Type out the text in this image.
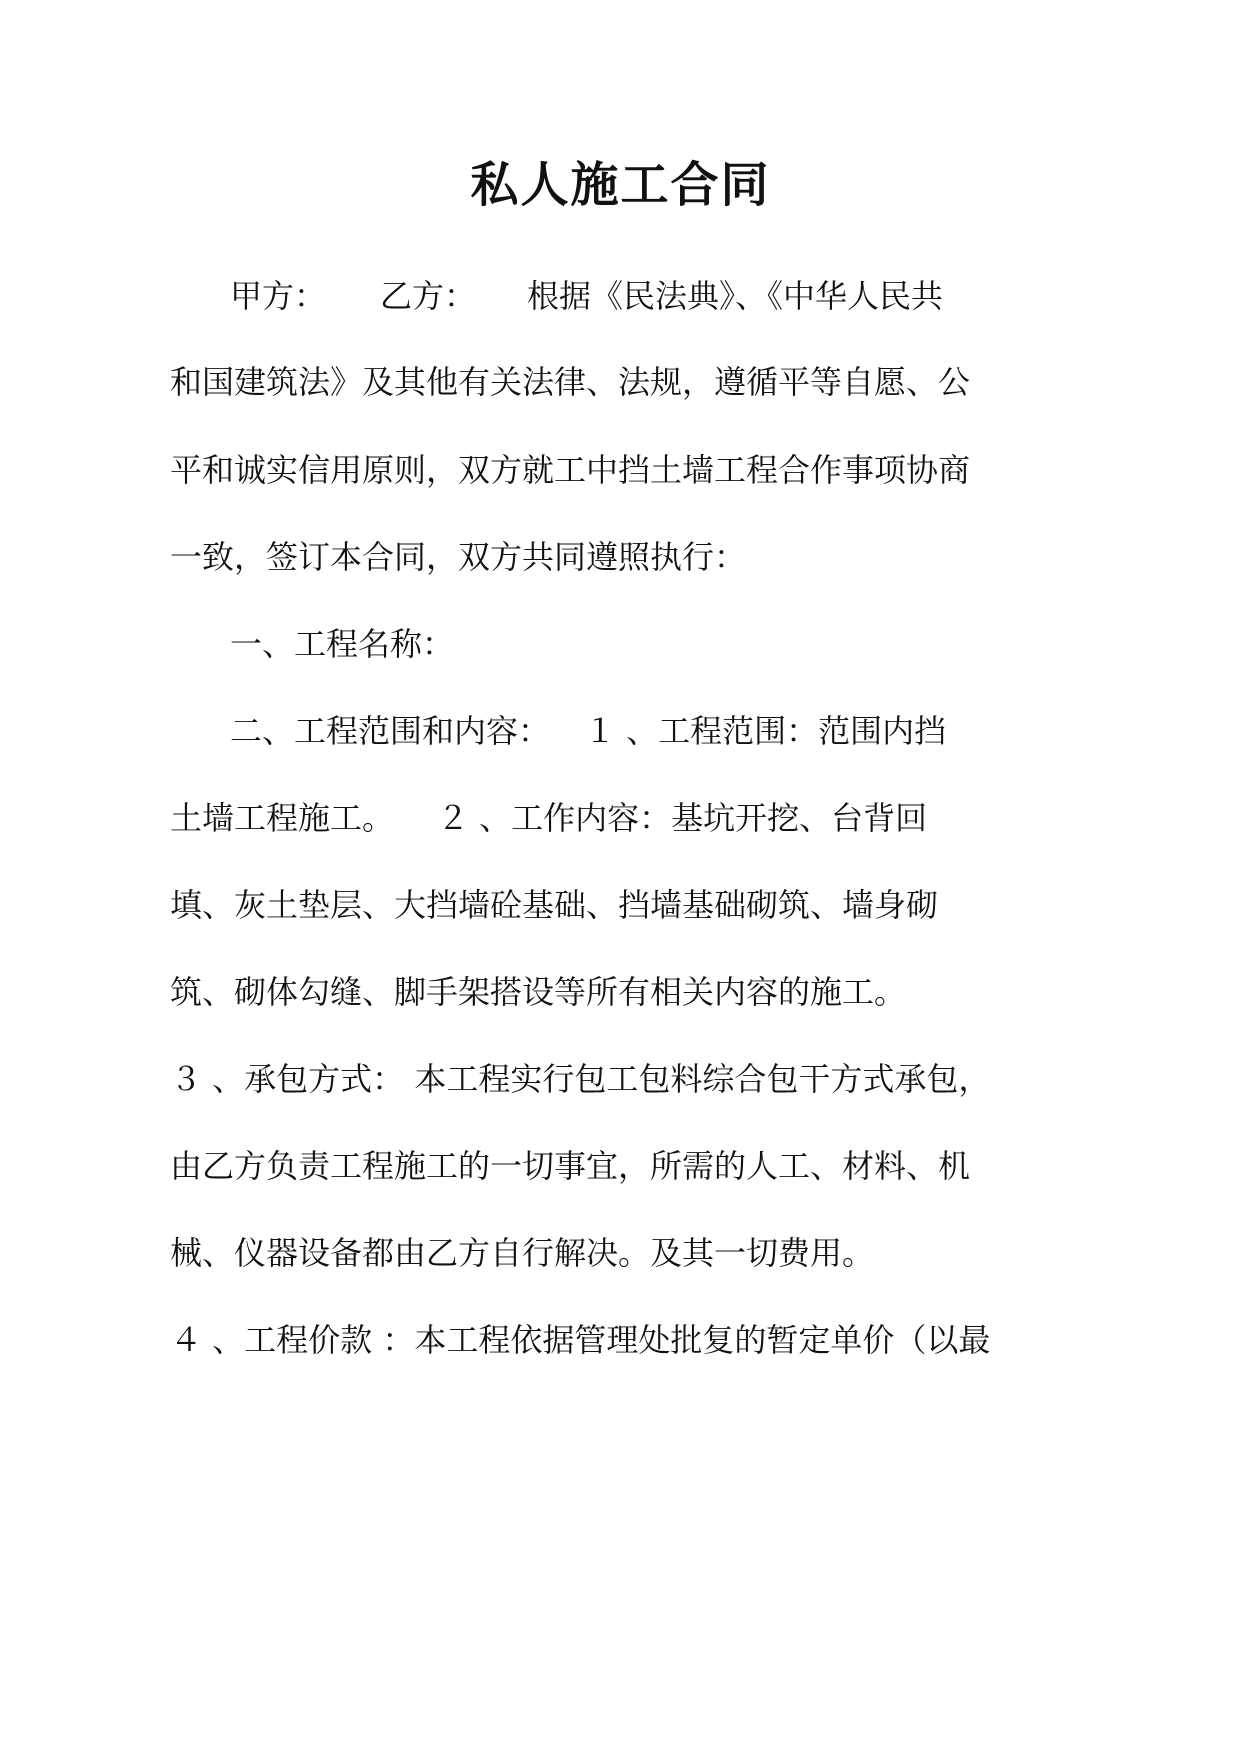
私人施工合同
甲方： 乙方： 根据《民法典》、《中华人民共
和国建筑法》及其他有关法律、法规，遵循平等自愿、公
平和诚实信用原则，双方就工中挡土墙工程合作事项协商
一致，签订本合同，双方共同遵照执行：
一、工程名称：
二、工程范围和内容： １ 、工程范围：范围内挡
土墙工程施工。 ２ 、工作内容：基坑开挖、台背回
填、灰土垫层、大挡墙砼基础、挡墙基础砌筑、墙身砌
筑、砌体勾缝、脚手架搭设等所有相关内容的施工。
３ 、承包方式： 本工程实行包工包料综合包干方式承包，
由乙方负责工程施工的一切事宜，所需的人工、材料、机
械、仪器设备都由乙方自行解决。及其一切费用。
４ 、工程价款 ：本工程依据管理处批复的暂定单价（以最
